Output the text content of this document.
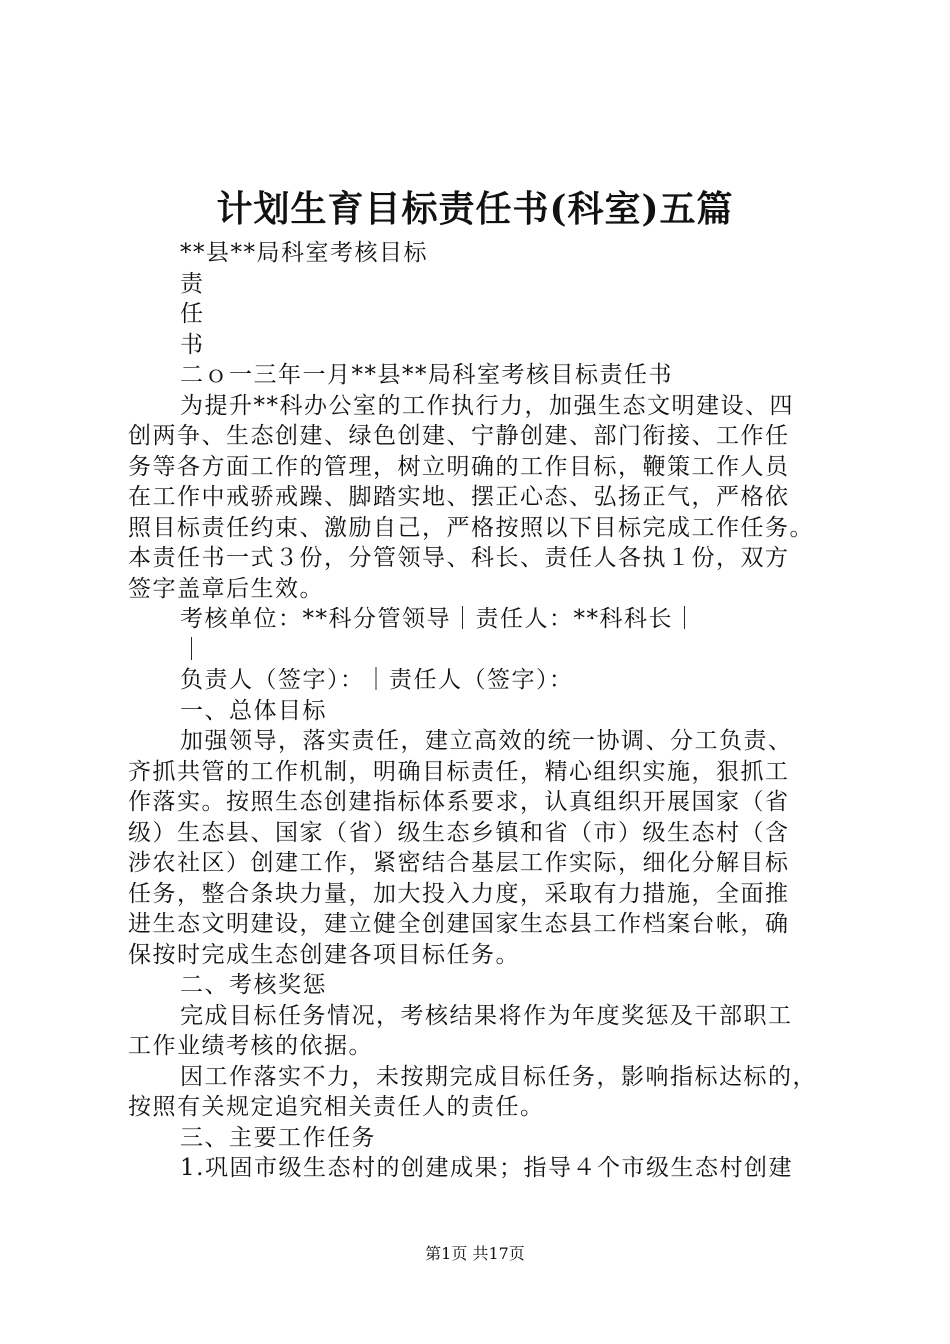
计划生育目标责任书(科室)五篇
**县**局科室考核目标
责
任
书
二ｏ一三年一月**县**局科室考核目标责任书
为提升**科办公室的工作执行力，加强生态文明建设、四
创两争、生态创建、绿色创建、宁静创建、部门衔接、工作任
务等各方面工作的管理，树立明确的工作目标，鞭策工作人员
在工作中戒骄戒躁、脚踏实地、摆正心态、弘扬正气，严格依
照目标责任约束、激励自己，严格按照以下目标完成工作任务。
本责任书一式３份，分管领导、科长、责任人各执１份，双方
签字盖章后生效。
考核单位：**科分管领导｜责任人：**科科长｜
｜
负责人（签字）：｜责任人（签字）：
一、总体目标
加强领导，落实责任，建立高效的统一协调、分工负责、
齐抓共管的工作机制，明确目标责任，精心组织实施，狠抓工
作落实。按照生态创建指标体系要求，认真组织开展国家（省
级）生态县、国家（省）级生态乡镇和省（市）级生态村（含
涉农社区）创建工作，紧密结合基层工作实际，细化分解目标
任务，整合条块力量，加大投入力度，采取有力措施，全面推
进生态文明建设，建立健全创建国家生态县工作档案台帐，确
保按时完成生态创建各项目标任务。
二、考核奖惩
完成目标任务情况，考核结果将作为年度奖惩及干部职工
工作业绩考核的依据。
因工作落实不力，未按期完成目标任务，影响指标达标的，
按照有关规定追究相关责任人的责任。
三、主要工作任务
1.巩固市级生态村的创建成果；指导４个市级生态村创建
第1页 共17页
